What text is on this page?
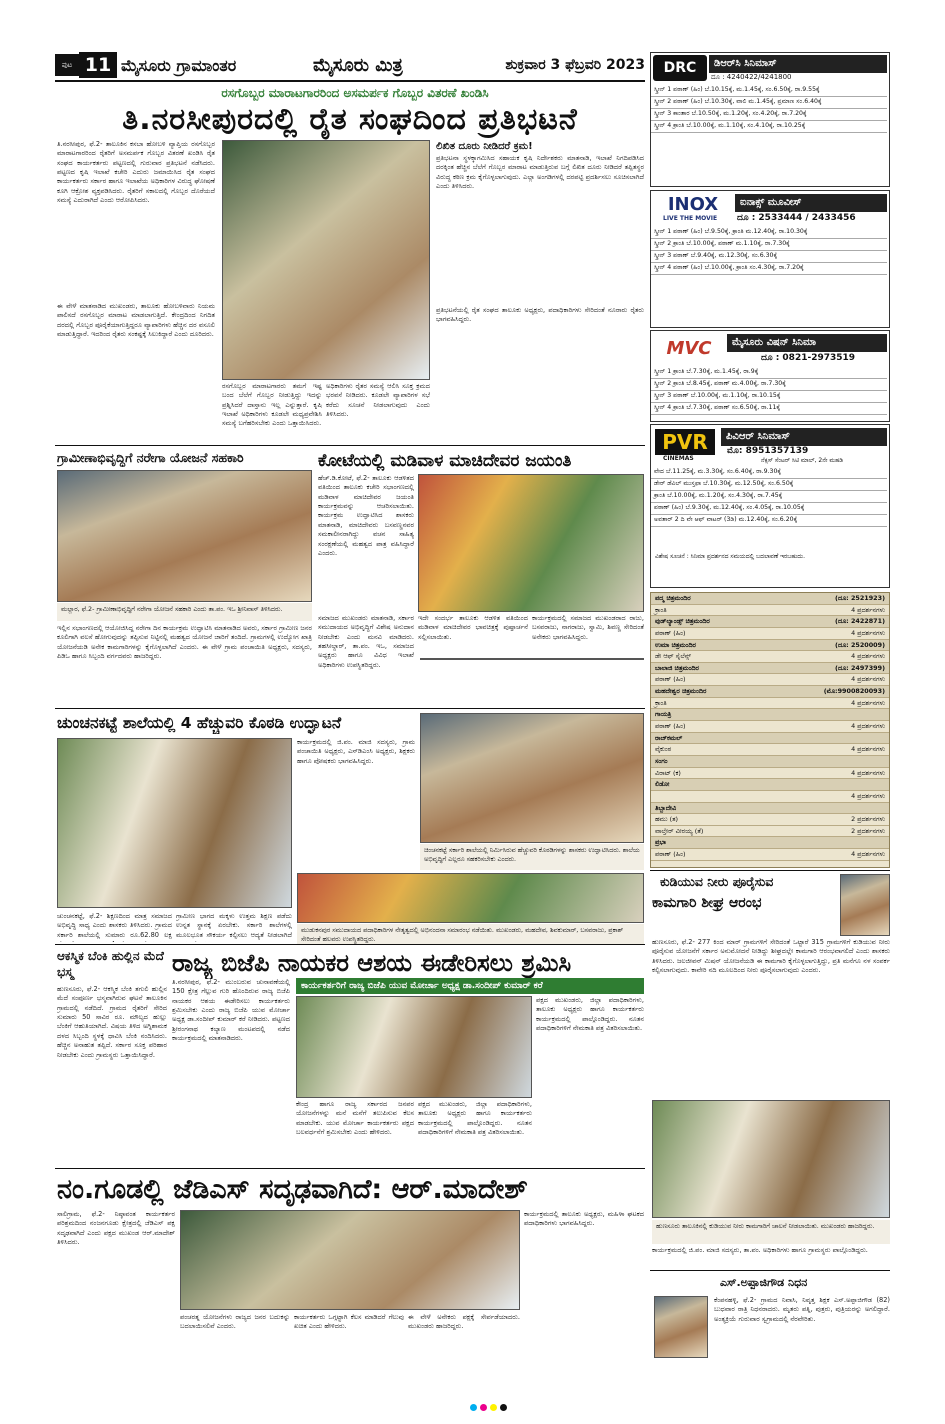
ಪುಟ 11 ಮೈಸೂರು ಗ್ರಾಮಾಂತರ	ಮೈಸೂರು ಮಿತ್ರ	ಶುಕ್ರವಾರ 3 ಫೆಬ್ರವರಿ 2023
ರಸಗೊಬ್ಬರ ಮಾರಾಟಗಾರರಿಂದ ಅಸಮರ್ಪಕ ಗೊಬ್ಬರ ವಿತರಣೆ ಖಂಡಿಸಿ
ತಿ.ನರಸೀಪುರದಲ್ಲಿ ರೈತ ಸಂಘದಿಂದ ಪ್ರತಿಭಟನೆ
ತಿ.ನರಸೀಪುರ, ಫೆ.2- ತಾಲೂಕಿನ ಕಸಬಾ ಹೋಬಳಿ ವ್ಯಾಪ್ತಿಯ ರಸಗೊಬ್ಬರ ಮಾರಾಟಗಾರರಿಂದ ರೈತರಿಗೆ ಅಸಮರ್ಪಕ ಗೊಬ್ಬರ ವಿತರಣೆ ಖಂಡಿಸಿ ರೈತ ಸಂಘದ ಕಾರ್ಯಕರ್ತರು ಪಟ್ಟಣದಲ್ಲಿ ಗುರುವಾರ ಪ್ರತಿಭಟನೆ ನಡೆಸಿದರು. ಪಟ್ಟಣದ ಕೃಷಿ ಇಲಾಖೆ ಕಚೇರಿ ಎದುರು ಜಮಾಯಿಸಿದ ರೈತ ಸಂಘದ ಕಾರ್ಯಕರ್ತರು ಸರ್ಕಾರ ಹಾಗೂ ಇಲಾಖೆಯ ಅಧಿಕಾರಿಗಳ ವಿರುದ್ಧ ಘೋಷಣೆ ಕೂಗಿ ಆಕ್ರೋಶ ವ್ಯಕ್ತಪಡಿಸಿದರು. ರೈತರಿಗೆ ಸಕಾಲದಲ್ಲಿ ಗೊಬ್ಬರ ದೊರೆಯದೆ ಸಮಸ್ಯೆ ಎದುರಾಗಿದೆ ಎಂದು ಆರೋಪಿಸಿದರು.
ಈ ವೇಳೆ ಮಾತನಾಡಿದ ಮುಖಂಡರು, ತಾಲೂಕು ಹೋಬಳಿವಾರು ನಿಯಮ ಪಾಲಿಸದೆ ರಸಗೊಬ್ಬರ ಮಾರಾಟ ಮಾಡಲಾಗುತ್ತಿದೆ. ಕೇಂದ್ರದಿಂದ ನಿಗದಿತ ದರದಲ್ಲಿ ಗೊಬ್ಬರ ಪೂರೈಕೆಯಾಗುತ್ತಿದ್ದರೂ ವ್ಯಾಪಾರಿಗಳು ಹೆಚ್ಚಿನ ದರ ವಸೂಲಿ ಮಾಡುತ್ತಿದ್ದಾರೆ. ಇದರಿಂದ ರೈತರು ಸಂಕಷ್ಟಕ್ಕೆ ಸಿಲುಕಿದ್ದಾರೆ ಎಂದು ದೂರಿದರು.
ರಸಗೊಬ್ಬರ ಮಾರಾಟಗಾರರು ತಮಗೆ ಇಷ್ಟ ಬಂದ ಬೆಲೆಗೆ ಗೊಬ್ಬರ ನೀಡುತ್ತಿದ್ದು ಇದನ್ನು ಪ್ರಶ್ನಿಸಿದರೆ ದಾಸ್ತಾನು ಇಲ್ಲ ಎನ್ನುತ್ತಾರೆ. ಕೃಷಿ ಇಲಾಖೆ ಅಧಿಕಾರಿಗಳು ಕೂಡಲೇ ಮಧ್ಯಪ್ರವೇಶಿಸಿ ಸಮಸ್ಯೆ ಬಗೆಹರಿಸಬೇಕು ಎಂದು ಒತ್ತಾಯಿಸಿದರು.
ಅಧಿಕಾರಿಗಳು ರೈತರ ಸಮಸ್ಯೆ ಆಲಿಸಿ ಸೂಕ್ತ ಕ್ರಮದ ಭರವಸೆ ನೀಡಿದರು. ಕೂಡಲೇ ವ್ಯಾಪಾರಿಗಳ ಸಭೆ ಕರೆದು ಸೂಚನೆ ನೀಡಲಾಗುವುದು ಎಂದು ತಿಳಿಸಿದರು.
ಲಿಖಿತ ದೂರು ನೀಡಿದರೆ ಕ್ರಮ!
ಪ್ರತಿಭಟನಾ ಸ್ಥಳಕ್ಕಾಗಮಿಸಿದ ಸಹಾಯಕ ಕೃಷಿ ನಿರ್ದೇಶಕರು ಮಾತನಾಡಿ, ಇಲಾಖೆ ನಿಗದಿಪಡಿಸಿದ ದರಕ್ಕಿಂತ ಹೆಚ್ಚಿನ ಬೆಲೆಗೆ ಗೊಬ್ಬರ ಮಾರಾಟ ಮಾಡುತ್ತಿರುವ ಬಗ್ಗೆ ಲಿಖಿತ ದೂರು ನೀಡಿದರೆ ತಪ್ಪಿತಸ್ಥರ ವಿರುದ್ಧ ಕಠಿಣ ಕ್ರಮ ಕೈಗೊಳ್ಳಲಾಗುವುದು. ಎಲ್ಲಾ ಅಂಗಡಿಗಳಲ್ಲಿ ದರಪಟ್ಟಿ ಪ್ರದರ್ಶಿಸಲು ಸೂಚಿಸಲಾಗಿದೆ ಎಂದು ತಿಳಿಸಿದರು.
ಪ್ರತಿಭಟನೆಯಲ್ಲಿ ರೈತ ಸಂಘದ ತಾಲೂಕು ಅಧ್ಯಕ್ಷರು, ಪದಾಧಿಕಾರಿಗಳು ಸೇರಿದಂತೆ ನೂರಾರು ರೈತರು ಭಾಗವಹಿಸಿದ್ದರು.
ಗ್ರಾಮೀಣಾಭಿವೃದ್ಧಿಗೆ ನರೇಗಾ ಯೋಜನೆ ಸಹಕಾರಿ
ಮಲ್ಲಾರ, ಫೆ.2- ಗ್ರಾಮೀಣಾಭಿವೃದ್ಧಿಗೆ ನರೇಗಾ ಯೋಜನೆ ಸಹಕಾರಿ ಎಂದು ತಾ.ಪಂ. ಇಒ ಶ್ರೀನಿವಾಸ್ ತಿಳಿಸಿದರು.
ಇಲ್ಲಿನ ಸಭಾಂಗಣದಲ್ಲಿ ಆಯೋಜಿಸಿದ್ದ ನರೇಗಾ ದಿನ ಕಾರ್ಯಕ್ರಮ ಉದ್ಘಾಟಿಸಿ ಮಾತನಾಡಿದ ಅವರು, ಸರ್ಕಾರ ಗ್ರಾಮೀಣ ಜನರ ಕೂಲಿಗಾಗಿ ವಲಸೆ ಹೋಗುವುದನ್ನು ತಪ್ಪಿಸುವ ನಿಟ್ಟಿನಲ್ಲಿ ಮಹತ್ವದ ಯೋಜನೆ ಜಾರಿಗೆ ತಂದಿದೆ. ಗ್ರಾಮಗಳಲ್ಲಿ ಉದ್ಯೋಗ ಖಾತ್ರಿ ಯೋಜನೆಯಡಿ ಅನೇಕ ಕಾಮಗಾರಿಗಳನ್ನು ಕೈಗೊಳ್ಳಲಾಗಿದೆ ಎಂದರು. ಈ ವೇಳೆ ಗ್ರಾಮ ಪಂಚಾಯಿತಿ ಅಧ್ಯಕ್ಷರು, ಸದಸ್ಯರು, ಪಿಡಿಒ ಹಾಗೂ ಸಿಬ್ಬಂದಿ ವರ್ಗದವರು ಹಾಜರಿದ್ದರು.
ಕೋಟೆಯಲ್ಲಿ ಮಡಿವಾಳ ಮಾಚಿದೇವರ ಜಯಂತಿ
ಹೆಚ್.ಡಿ.ಕೋಟೆ, ಫೆ.2- ತಾಲೂಕು ಆಡಳಿತದ ವತಿಯಿಂದ ತಾಲೂಕು ಕಚೇರಿ ಸಭಾಂಗಣದಲ್ಲಿ ಮಡಿವಾಳ ಮಾಚಿದೇವರ ಜಯಂತಿ ಕಾರ್ಯಕ್ರಮವನ್ನು ಆಚರಿಸಲಾಯಿತು. ಕಾರ್ಯಕ್ರಮ ಉದ್ಘಾಟಿಸಿದ ಶಾಸಕರು ಮಾತನಾಡಿ, ಮಾಚಿದೇವರು ಬಸವಣ್ಣನವರ ಸಮಕಾಲೀನರಾಗಿದ್ದು ವಚನ ಸಾಹಿತ್ಯ ಸಂರಕ್ಷಣೆಯಲ್ಲಿ ಮಹತ್ವದ ಪಾತ್ರ ವಹಿಸಿದ್ದಾರೆ ಎಂದರು.
ಇದೇ ಸಂದರ್ಭ ತಾಲೂಕು ಆಡಳಿತ ವತಿಯಿಂದ ಮಡಿವಾಳ ಮಾಚಿದೇವರ ಭಾವಚಿತ್ರಕ್ಕೆ ಪುಷ್ಪಾರ್ಚನೆ ಸಲ್ಲಿಸಲಾಯಿತು.
ಸಮಾಜದ ಮುಖಂಡರು ಮಾತನಾಡಿ, ಸರ್ಕಾರ ಸಮುದಾಯದ ಅಭಿವೃದ್ಧಿಗೆ ವಿಶೇಷ ಅನುದಾನ ನೀಡಬೇಕು ಎಂದು ಮನವಿ ಮಾಡಿದರು. ತಹಸೀಲ್ದಾರ್, ತಾ.ಪಂ. ಇಒ, ಸಮಾಜದ ಅಧ್ಯಕ್ಷರು ಹಾಗೂ ವಿವಿಧ ಇಲಾಖೆ ಅಧಿಕಾರಿಗಳು ಉಪಸ್ಥಿತರಿದ್ದರು.
ಕಾರ್ಯಕ್ರಮದಲ್ಲಿ ಸಮಾಜದ ಮುಖಂಡರಾದ ರಾಜು, ಬಸವರಾಜು, ನಾಗರಾಜು, ಸ್ವಾಮಿ, ಶಿವಣ್ಣ ಸೇರಿದಂತೆ ಅನೇಕರು ಭಾಗವಹಿಸಿದ್ದರು.
ಚುಂಚನಕಟ್ಟೆ ಶಾಲೆಯಲ್ಲಿ 4 ಹೆಚ್ಚುವರಿ ಕೊಠಡಿ ಉದ್ಘಾಟನೆ
ಕಾರ್ಯಕ್ರಮದಲ್ಲಿ ಜಿ.ಪಂ. ಮಾಜಿ ಸದಸ್ಯರು, ಗ್ರಾಮ ಪಂಚಾಯಿತಿ ಅಧ್ಯಕ್ಷರು, ಎಸ್‌ಡಿಎಂಸಿ ಅಧ್ಯಕ್ಷರು, ಶಿಕ್ಷಕರು ಹಾಗೂ ಪೋಷಕರು ಭಾಗವಹಿಸಿದ್ದರು.
ಚಿಂಚನಕಟ್ಟೆ ಸರ್ಕಾರಿ ಶಾಲೆಯಲ್ಲಿ ನಿರ್ಮಿಸಿರುವ ಹೆಚ್ಚುವರಿ ಕೊಠಡಿಗಳನ್ನು ಶಾಸಕರು ಉದ್ಘಾಟಿಸಿದರು. ಶಾಲೆಯ ಅಭಿವೃದ್ಧಿಗೆ ಎಲ್ಲರೂ ಸಹಕರಿಸಬೇಕು ಎಂದರು.
ಚುಂಚನಕಟ್ಟೆ, ಫೆ.2- ಶಿಕ್ಷಣದಿಂದ ಮಾತ್ರ ಸಮಾಜದ ಅಭಿವೃದ್ಧಿ ಸಾಧ್ಯ ಎಂದು ಶಾಸಕರು ತಿಳಿಸಿದರು. ಗ್ರಾಮದ ಸರ್ಕಾರಿ ಶಾಲೆಯಲ್ಲಿ ಸುಮಾರು ರೂ.62.80 ಲಕ್ಷ
ಗ್ರಾಮೀಣ ಭಾಗದ ಮಕ್ಕಳು ಉತ್ತಮ ಶಿಕ್ಷಣ ಪಡೆದು ಉನ್ನತ ಸ್ಥಾನಕ್ಕೆ ಏರಬೇಕು. ಸರ್ಕಾರಿ ಶಾಲೆಗಳಲ್ಲಿ ಮೂಲಭೂತ ಸೌಕರ್ಯ ಕಲ್ಪಿಸಲು ಆದ್ಯತೆ ನೀಡಲಾಗಿದೆ
ಮುಡುಕನಪುರ ಸಮುದಾಯದ ಪದಾಧಿಕಾರಿಗಳ ನೇತೃತ್ವದಲ್ಲಿ ಅಭಿನಂದನಾ ಸಮಾರಂಭ ನಡೆಯಿತು. ಮುಖಂಡರು, ಮಹದೇವ, ಶಿವಕುಮಾರ್, ಬಸವರಾಜು, ಪ್ರಕಾಶ್ ಸೇರಿದಂತೆ ಹಲವರು ಉಪಸ್ಥಿತರಿದ್ದರು.
ಆಕಸ್ಮಿಕ ಬೆಂಕಿ ಹುಲ್ಲಿನ ಮೆದೆ ಭಸ್ಮ
ಹುಣಸೂರು, ಫೆ.2- ಆಕಸ್ಮಿಕ ಬೆಂಕಿ ತಗುಲಿ ಹುಲ್ಲಿನ ಮೆದೆ ಸಂಪೂರ್ಣ ಭಸ್ಮವಾಗಿರುವ ಘಟನೆ ತಾಲೂಕಿನ ಗ್ರಾಮದಲ್ಲಿ ನಡೆದಿದೆ. ಗ್ರಾಮದ ರೈತರಿಗೆ ಸೇರಿದ ಸುಮಾರು 50 ಸಾವಿರ ರೂ. ಮೌಲ್ಯದ ಹುಲ್ಲು ಬೆಂಕಿಗೆ ಆಹುತಿಯಾಗಿದೆ. ವಿಷಯ ತಿಳಿದ ಅಗ್ನಿಶಾಮಕ ದಳದ ಸಿಬ್ಬಂದಿ ಸ್ಥಳಕ್ಕೆ ಧಾವಿಸಿ ಬೆಂಕಿ ನಂದಿಸಿದರು. ಹೆಚ್ಚಿನ ಅನಾಹುತ ತಪ್ಪಿದೆ. ಸರ್ಕಾರ ಸೂಕ್ತ ಪರಿಹಾರ ನೀಡಬೇಕು ಎಂದು ಗ್ರಾಮಸ್ಥರು ಒತ್ತಾಯಿಸಿದ್ದಾರೆ.
ರಾಜ್ಯ ಬಿಜೆಪಿ ನಾಯಕರ ಆಶಯ ಈಡೇರಿಸಲು ಶ್ರಮಿಸಿ
ಕಾರ್ಯಕರ್ತರಿಗೆ ರಾಜ್ಯ ಬಿಜೆಪಿ ಯುವ ಮೋರ್ಚಾ ಅಧ್ಯಕ್ಷ ಡಾ.ಸಂದೀಪ್ ಕುಮಾರ್ ಕರೆ
ತಿ.ನರಸೀಪುರ, ಫೆ.2- ಮುಂಬರುವ ಚುನಾವಣೆಯಲ್ಲಿ 150 ಕ್ಷೇತ್ರ ಗೆಲ್ಲುವ ಗುರಿ ಹೊಂದಿರುವ ರಾಜ್ಯ ಬಿಜೆಪಿ ನಾಯಕರ ಆಶಯ ಈಡೇರಿಸಲು ಕಾರ್ಯಕರ್ತರು ಶ್ರಮಿಸಬೇಕು ಎಂದು ರಾಜ್ಯ ಬಿಜೆಪಿ ಯುವ ಮೋರ್ಚಾ ಅಧ್ಯಕ್ಷ ಡಾ.ಸಂದೀಪ್ ಕುಮಾರ್ ಕರೆ ನೀಡಿದರು. ಪಟ್ಟಣದ ಶ್ರೀರಂಗನಾಥ ಕಲ್ಯಾಣ ಮಂಟಪದಲ್ಲಿ ನಡೆದ ಕಾರ್ಯಕ್ರಮದಲ್ಲಿ ಮಾತನಾಡಿದರು.
ಕೇಂದ್ರ ಹಾಗೂ ರಾಜ್ಯ ಸರ್ಕಾರದ ಜನಪರ ಯೋಜನೆಗಳನ್ನು ಮನೆ ಮನೆಗೆ ತಲುಪಿಸುವ ಕೆಲಸ ಮಾಡಬೇಕು. ಯುವ ಮೋರ್ಚಾ ಕಾರ್ಯಕರ್ತರು ಪಕ್ಷದ ಬಲವರ್ಧನೆಗೆ ಶ್ರಮಿಸಬೇಕು ಎಂದು ಹೇಳಿದರು.
ಪಕ್ಷದ ಮುಖಂಡರು, ಜಿಲ್ಲಾ ಪದಾಧಿಕಾರಿಗಳು, ತಾಲೂಕು ಅಧ್ಯಕ್ಷರು ಹಾಗೂ ಕಾರ್ಯಕರ್ತರು ಕಾರ್ಯಕ್ರಮದಲ್ಲಿ ಪಾಲ್ಗೊಂಡಿದ್ದರು. ನೂತನ ಪದಾಧಿಕಾರಿಗಳಿಗೆ ನೇಮಕಾತಿ ಪತ್ರ ವಿತರಿಸಲಾಯಿತು.
ಪಕ್ಷದ ಮುಖಂಡರು, ಜಿಲ್ಲಾ ಪದಾಧಿಕಾರಿಗಳು, ತಾಲೂಕು ಅಧ್ಯಕ್ಷರು ಹಾಗೂ ಕಾರ್ಯಕರ್ತರು ಕಾರ್ಯಕ್ರಮದಲ್ಲಿ ಪಾಲ್ಗೊಂಡಿದ್ದರು. ನೂತನ ಪದಾಧಿಕಾರಿಗಳಿಗೆ ನೇಮಕಾತಿ ಪತ್ರ ವಿತರಿಸಲಾಯಿತು.
ನಂ.ಗೂಡಲ್ಲಿ ಜೆಡಿಎಸ್ ಸದೃಢವಾಗಿದೆ: ಆರ್.ಮಾದೇಶ್
ಸಾಲಿಗ್ರಾಮ, ಫೆ.2- ನಿಷ್ಠಾವಂತ ಕಾರ್ಯಕರ್ತರ ಪರಿಶ್ರಮದಿಂದ ನಂಜನಗೂಡು ಕ್ಷೇತ್ರದಲ್ಲಿ ಜೆಡಿಎಸ್ ಪಕ್ಷ ಸದೃಢವಾಗಿದೆ ಎಂದು ಪಕ್ಷದ ಮುಖಂಡ ಆರ್.ಮಾದೇಶ್ ತಿಳಿಸಿದರು.
ಪಂಚರತ್ನ ಯೋಜನೆಗಳು ರಾಜ್ಯದ ಜನರ ಬದುಕನ್ನು ಬದಲಾಯಿಸಲಿವೆ ಎಂದರು.
ಕಾರ್ಯಕರ್ತರು ಒಗ್ಗಟ್ಟಾಗಿ ಕೆಲಸ ಮಾಡಿದರೆ ಗೆಲುವು ಖಚಿತ ಎಂದು ಹೇಳಿದರು.
ಈ ವೇಳೆ ಅನೇಕರು ಪಕ್ಷಕ್ಕೆ ಸೇರ್ಪಡೆಯಾದರು. ಮುಖಂಡರು ಹಾಜರಿದ್ದರು.
ಕಾರ್ಯಕ್ರಮದಲ್ಲಿ ತಾಲೂಕು ಅಧ್ಯಕ್ಷರು, ಮಹಿಳಾ ಘಟಕದ ಪದಾಧಿಕಾರಿಗಳು ಭಾಗವಹಿಸಿದ್ದರು.
DRC	ಡಿಆರ್‌ಸಿ ಸಿನಿಮಾಸ್
ದೂ : 4240422/4241800
ಸ್ಕ್ರೀನ್ 1 ಪಠಾಣ್ (ಹಿಂ) ಬೆ.10.15ಕ್ಕೆ, ಮ.1.45ಕ್ಕೆ, ಸಂ.6.50ಕ್ಕೆ, ರಾ.9.55ಕ್ಕೆ
ಸ್ಕ್ರೀನ್ 2 ಪಠಾಣ್ (ಹಿಂ) ಬೆ.10.30ಕ್ಕೆ, ವಾಲಿ ಮ.1.45ಕ್ಕೆ, ಪ್ರಮಾಣ ಸಂ.6.40ಕ್ಕೆ
ಸ್ಕ್ರೀನ್ 3 ಕಾಂತಾರ ಬೆ.10.50ಕ್ಕೆ, ಮ.1.20ಕ್ಕೆ, ಸಂ.4.20ಕ್ಕೆ, ರಾ.7.20ಕ್ಕೆ
ಸ್ಕ್ರೀನ್ 4 ಕ್ರಾಂತಿ ಬೆ.10.00ಕ್ಕೆ, ಮ.1.10ಕ್ಕೆ, ಸಂ.4.10ಕ್ಕೆ, ರಾ.10.25ಕ್ಕೆ
INOX
LIVE THE MOVIE
ಐನಾಕ್ಸ್ ಮೂವೀಸ್
ದೂ : 2533444 / 2433456
ಸ್ಕ್ರೀನ್ 1 ಪಠಾಣ್ (ಹಿಂ) ಬೆ.9.50ಕ್ಕೆ, ಕ್ರಾಂತಿ ಮ.12.40ಕ್ಕೆ, ರಾ.10.30ಕ್ಕೆ
ಸ್ಕ್ರೀನ್ 2 ಕ್ರಾಂತಿ ಬೆ.10.00ಕ್ಕೆ, ಪಠಾಣ್ ಮ.1.10ಕ್ಕೆ, ರಾ.7.30ಕ್ಕೆ
ಸ್ಕ್ರೀನ್ 3 ಪಠಾಣ್ ಬೆ.9.40ಕ್ಕೆ, ಮ.12.30ಕ್ಕೆ, ಸಂ.6.30ಕ್ಕೆ
ಸ್ಕ್ರೀನ್ 4 ಪಠಾಣ್ (ಹಿಂ) ಬೆ.10.00ಕ್ಕೆ, ಕ್ರಾಂತಿ ಸಂ.4.30ಕ್ಕೆ, ರಾ.7.20ಕ್ಕೆ
MVC	ಮೈಸೂರು ವಿಷನ್ ಸಿನಿಮಾ
ದೂ : 0821-2973519
ಸ್ಕ್ರೀನ್ 1 ಕ್ರಾಂತಿ ಬೆ.7.30ಕ್ಕೆ, ಮ.1.45ಕ್ಕೆ, ರಾ.9ಕ್ಕೆ
ಸ್ಕ್ರೀನ್ 2 ಕ್ರಾಂತಿ ಬೆ.8.45ಕ್ಕೆ, ಪಠಾಣ್ ಮ.4.00ಕ್ಕೆ, ರಾ.7.30ಕ್ಕೆ
ಸ್ಕ್ರೀನ್ 3 ಪಠಾಣ್ ಬೆ.10.00ಕ್ಕೆ, ಮ.1.10ಕ್ಕೆ, ರಾ.10.15ಕ್ಕೆ
ಸ್ಕ್ರೀನ್ 4 ಕ್ರಾಂತಿ ಬೆ.7.30ಕ್ಕೆ, ಪಠಾಣ್ ಸಂ.6.50ಕ್ಕೆ, ರಾ.11ಕ್ಕೆ
PVR
CINEMAS
ಪಿವಿಆರ್ ಸಿನಿಮಾಸ್
ಮೊ: 8951357139
ನೆಕ್ಸಸ್ ಸೆಂಟರ್ ಸಿಟಿ ಮಾಲ್, 2ನೇ ಮಹಡಿ
ವೇದ ಬೆ.11.25ಕ್ಕೆ, ಮ.3.30ಕ್ಕೆ, ಸಂ.6.40ಕ್ಕೆ, ರಾ.9.30ಕ್ಕೆ
ಡೇರ್ ಡೆವಿಲ್ ಮುಸ್ತಫಾ ಬೆ.10.30ಕ್ಕೆ, ಮ.12.50ಕ್ಕೆ, ಸಂ.6.50ಕ್ಕೆ
ಕ್ರಾಂತಿ ಬೆ.10.00ಕ್ಕೆ, ಮ.1.20ಕ್ಕೆ, ಸಂ.4.30ಕ್ಕೆ, ರಾ.7.45ಕ್ಕೆ
ಪಠಾಣ್ (ಹಿಂ) ಬೆ.9.30ಕ್ಕೆ, ಮ.12.40ಕ್ಕೆ, ಸಂ.4.05ಕ್ಕೆ, ರಾ.10.05ಕ್ಕೆ
ಅವತಾರ್ 2 ದಿ ವೇ ಆಫ್ ವಾಟರ್ (3ಡಿ) ಮ.12.40ಕ್ಕೆ, ಸಂ.6.20ಕ್ಕೆ
ವಿಶೇಷ ಸೂಚನೆ : ಸಿನಿಮಾ ಪ್ರದರ್ಶನದ ಸಮಯದಲ್ಲಿ ಬದಲಾವಣೆ ಇರಬಹುದು.
ಪದ್ಮ ಚಿತ್ರಮಂದಿರ	(ದೂ: 2521923)
ಕ್ರಾಂತಿ	4 ಪ್ರದರ್ಶನಗಳು
ವುಡ್‌ಲ್ಯಾಂಡ್ಸ್ ಚಿತ್ರಮಂದಿರ	(ದೂ: 2422871)
ಪಠಾಣ್ (ಹಿಂ)	4 ಪ್ರದರ್ಶನಗಳು
ಉಮಾ ಚಿತ್ರಮಂದಿರ	(ದೂ: 2520009)
ಡೇ ಆಫ್ ಸೈಲೆನ್ಸ್	4 ಪ್ರದರ್ಶನಗಳು
ಬಾಲಾಜಿ ಚಿತ್ರಮಂದಿರ	(ದೂ: 2497399)
ಪಠಾಣ್ (ಹಿಂ)	4 ಪ್ರದರ್ಶನಗಳು
ಮಹದೇಶ್ವರ ಚಿತ್ರಮಂದಿರ	(ಮೊ:9900820093)
ಕ್ರಾಂತಿ	4 ಪ್ರದರ್ಶನಗಳು
ಗಾಯತ್ರಿ
ಪಠಾಣ್ (ಹಿಂ)	4 ಪ್ರದರ್ಶನಗಳು
ರಾಜ್‌ಕಮಲ್
ವೈಕುಂಠ	4 ಪ್ರದರ್ಶನಗಳು
ಸಂಗಂ
ವಿರಾಟ್ (ಕ)	4 ಪ್ರದರ್ಶನಗಳು
ಲಿಡೋ
4 ಪ್ರದರ್ಶನಗಳು
ತಿಬ್ಬಾದೇವಿ
ಹಮು (ತ)	2 ಪ್ರದರ್ಶನಗಳು
ವಾಲ್ತೇರ್ ವೀರಯ್ಯ (ತೆ)	2 ಪ್ರದರ್ಶನಗಳು
ಪ್ರಭಾ
ಪಠಾಣ್ (ಹಿಂ)	4 ಪ್ರದರ್ಶನಗಳು
ಕುಡಿಯುವ ನೀರು ಪೂರೈಸುವ
ಕಾಮಗಾರಿ ಶೀಘ್ರ ಆರಂಭ
ಹುಣಸೂರು, ಫೆ.2- 277 ಕಿಂದ ಮಾರ್ ಗ್ರಾಮಗಳಿಗೆ ಸೇರಿದಂತೆ ಒಟ್ಟಾರೆ 315 ಗ್ರಾಮಗಳಿಗೆ ಕುಡಿಯುವ ನೀರು ಪೂರೈಸುವ ಯೋಜನೆಗೆ ಸರ್ಕಾರ ಅನುಮೋದನೆ ನೀಡಿದ್ದು ಶೀಘ್ರದಲ್ಲೇ ಕಾಮಗಾರಿ ಆರಂಭವಾಗಲಿದೆ ಎಂದು ಶಾಸಕರು ತಿಳಿಸಿದರು. ಜಲಜೀವನ್ ಮಿಷನ್ ಯೋಜನೆಯಡಿ ಈ ಕಾಮಗಾರಿ ಕೈಗೊಳ್ಳಲಾಗುತ್ತಿದ್ದು, ಪ್ರತಿ ಮನೆಗೂ ನಳ ಸಂಪರ್ಕ ಕಲ್ಪಿಸಲಾಗುವುದು. ಕಾವೇರಿ ನದಿ ಮೂಲದಿಂದ ನೀರು ಪೂರೈಸಲಾಗುವುದು ಎಂದರು.
ಹುಣಸೂರು ತಾಲೂಕಿನಲ್ಲಿ ಕುಡಿಯುವ ನೀರು ಕಾಮಗಾರಿಗೆ ಚಾಲನೆ ನೀಡಲಾಯಿತು. ಮುಖಂಡರು ಹಾಜರಿದ್ದರು.
ಕಾರ್ಯಕ್ರಮದಲ್ಲಿ ಜಿ.ಪಂ. ಮಾಜಿ ಸದಸ್ಯರು, ತಾ.ಪಂ. ಅಧಿಕಾರಿಗಳು ಹಾಗೂ ಗ್ರಾಮಸ್ಥರು ಪಾಲ್ಗೊಂಡಿದ್ದರು.
ಎಸ್.ಅಪ್ಪಾಜಿಗೌಡ ನಿಧನ
ಕೆಂಪನಹಳ್ಳಿ, ಫೆ.2- ಗ್ರಾಮದ ನಿವಾಸಿ, ನಿವೃತ್ತ ಶಿಕ್ಷಕ ಎಸ್.ಅಪ್ಪಾಜಿಗೌಡ (82) ಬುಧವಾರ ರಾತ್ರಿ ನಿಧನರಾದರು. ಮೃತರು ಪತ್ನಿ, ಪುತ್ರರು, ಪುತ್ರಿಯರನ್ನು ಅಗಲಿದ್ದಾರೆ. ಅಂತ್ಯಕ್ರಿಯೆ ಗುರುವಾರ ಸ್ವಗ್ರಾಮದಲ್ಲಿ ನೆರವೇರಿತು.
